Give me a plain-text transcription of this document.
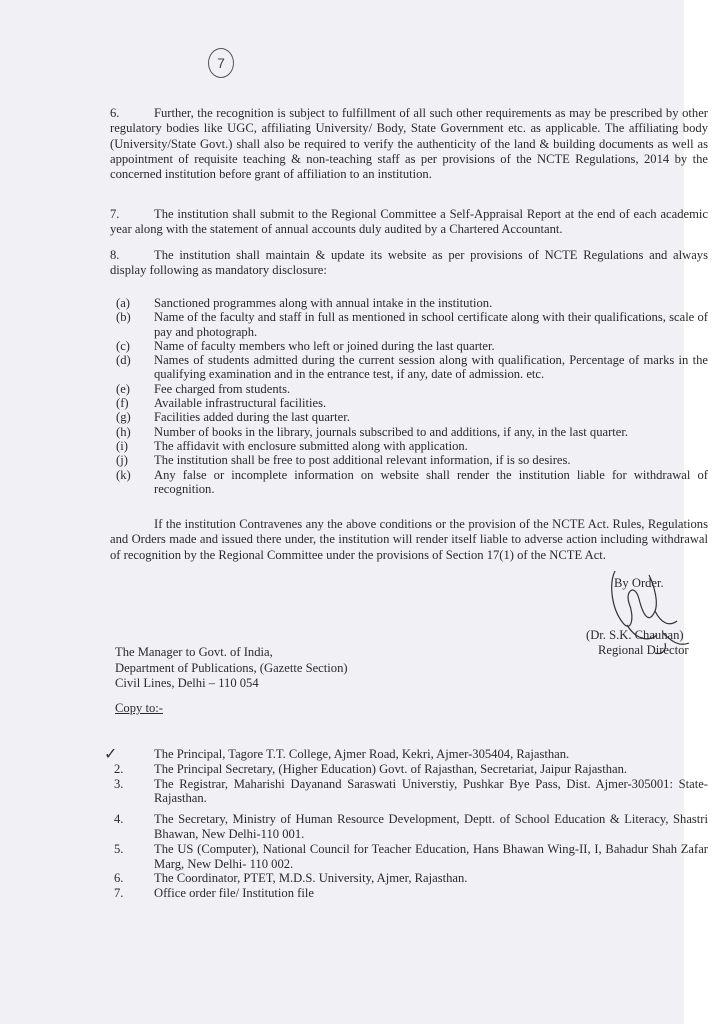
7
6.	Further, the recognition is subject to fulfillment of all such other requirements as may be prescribed by other regulatory bodies like UGC, affiliating University/ Body, State Government etc. as applicable. The affiliating body (University/State Govt.) shall also be required to verify the authenticity of the land & building documents as well as appointment of requisite teaching & non-teaching staff as per provisions of the NCTE Regulations, 2014 by the concerned institution before grant of affiliation to an institution.
7.	The institution shall submit to the Regional Committee a Self-Appraisal Report at the end of each academic year along with the statement of annual accounts duly audited by a Chartered Accountant.
8.	The institution shall maintain & update its website as per provisions of NCTE Regulations and always display following as mandatory disclosure:
(a)	Sanctioned programmes along with annual intake in the institution.
(b)	Name of the faculty and staff in full as mentioned in school certificate along with their qualifications, scale of pay and photograph.
(c)	Name of faculty members who left or joined during the last quarter.
(d)	Names of students admitted during the current session along with qualification, Percentage of marks in the qualifying examination and in the entrance test, if any, date of admission. etc.
(e)	Fee charged from students.
(f)	Available infrastructural facilities.
(g)	Facilities added during the last quarter.
(h)	Number of books in the library, journals subscribed to and additions, if any, in the last quarter.
(i)	The affidavit with enclosure submitted along with application.
(j)	The institution shall be free to post additional relevant information, if is so desires.
(k)	Any false or incomplete information on website shall render the institution liable for withdrawal of recognition.
If the institution Contravenes any the above conditions or the provision of the NCTE Act. Rules, Regulations and Orders made and issued there under, the institution will render itself liable to adverse action including withdrawal of recognition by the Regional Committee under the provisions of Section 17(1) of the NCTE Act.
By Order.
(Dr. S.K. Chauhan)
Regional Director
The Manager to Govt. of India,
Department of Publications, (Gazette Section)
Civil Lines, Delhi – 110 054
Copy to:-
The Principal, Tagore T.T. College, Ajmer Road, Kekri, Ajmer-305404, Rajasthan.
2.	The Principal Secretary, (Higher Education) Govt. of Rajasthan, Secretariat, Jaipur Rajasthan.
3.	The Registrar, Maharishi Dayanand Saraswati Universtiy, Pushkar Bye Pass, Dist. Ajmer-305001: State-Rajasthan.
4.	The Secretary, Ministry of Human Resource Development, Deptt. of School Education & Literacy, Shastri Bhawan, New Delhi-110 001.
5.	The US (Computer), National Council for Teacher Education, Hans Bhawan Wing-II, I, Bahadur Shah Zafar Marg, New Delhi- 110 002.
6.	The Coordinator, PTET, M.D.S. University, Ajmer, Rajasthan.
7.	Office order file/ Institution file
✓
